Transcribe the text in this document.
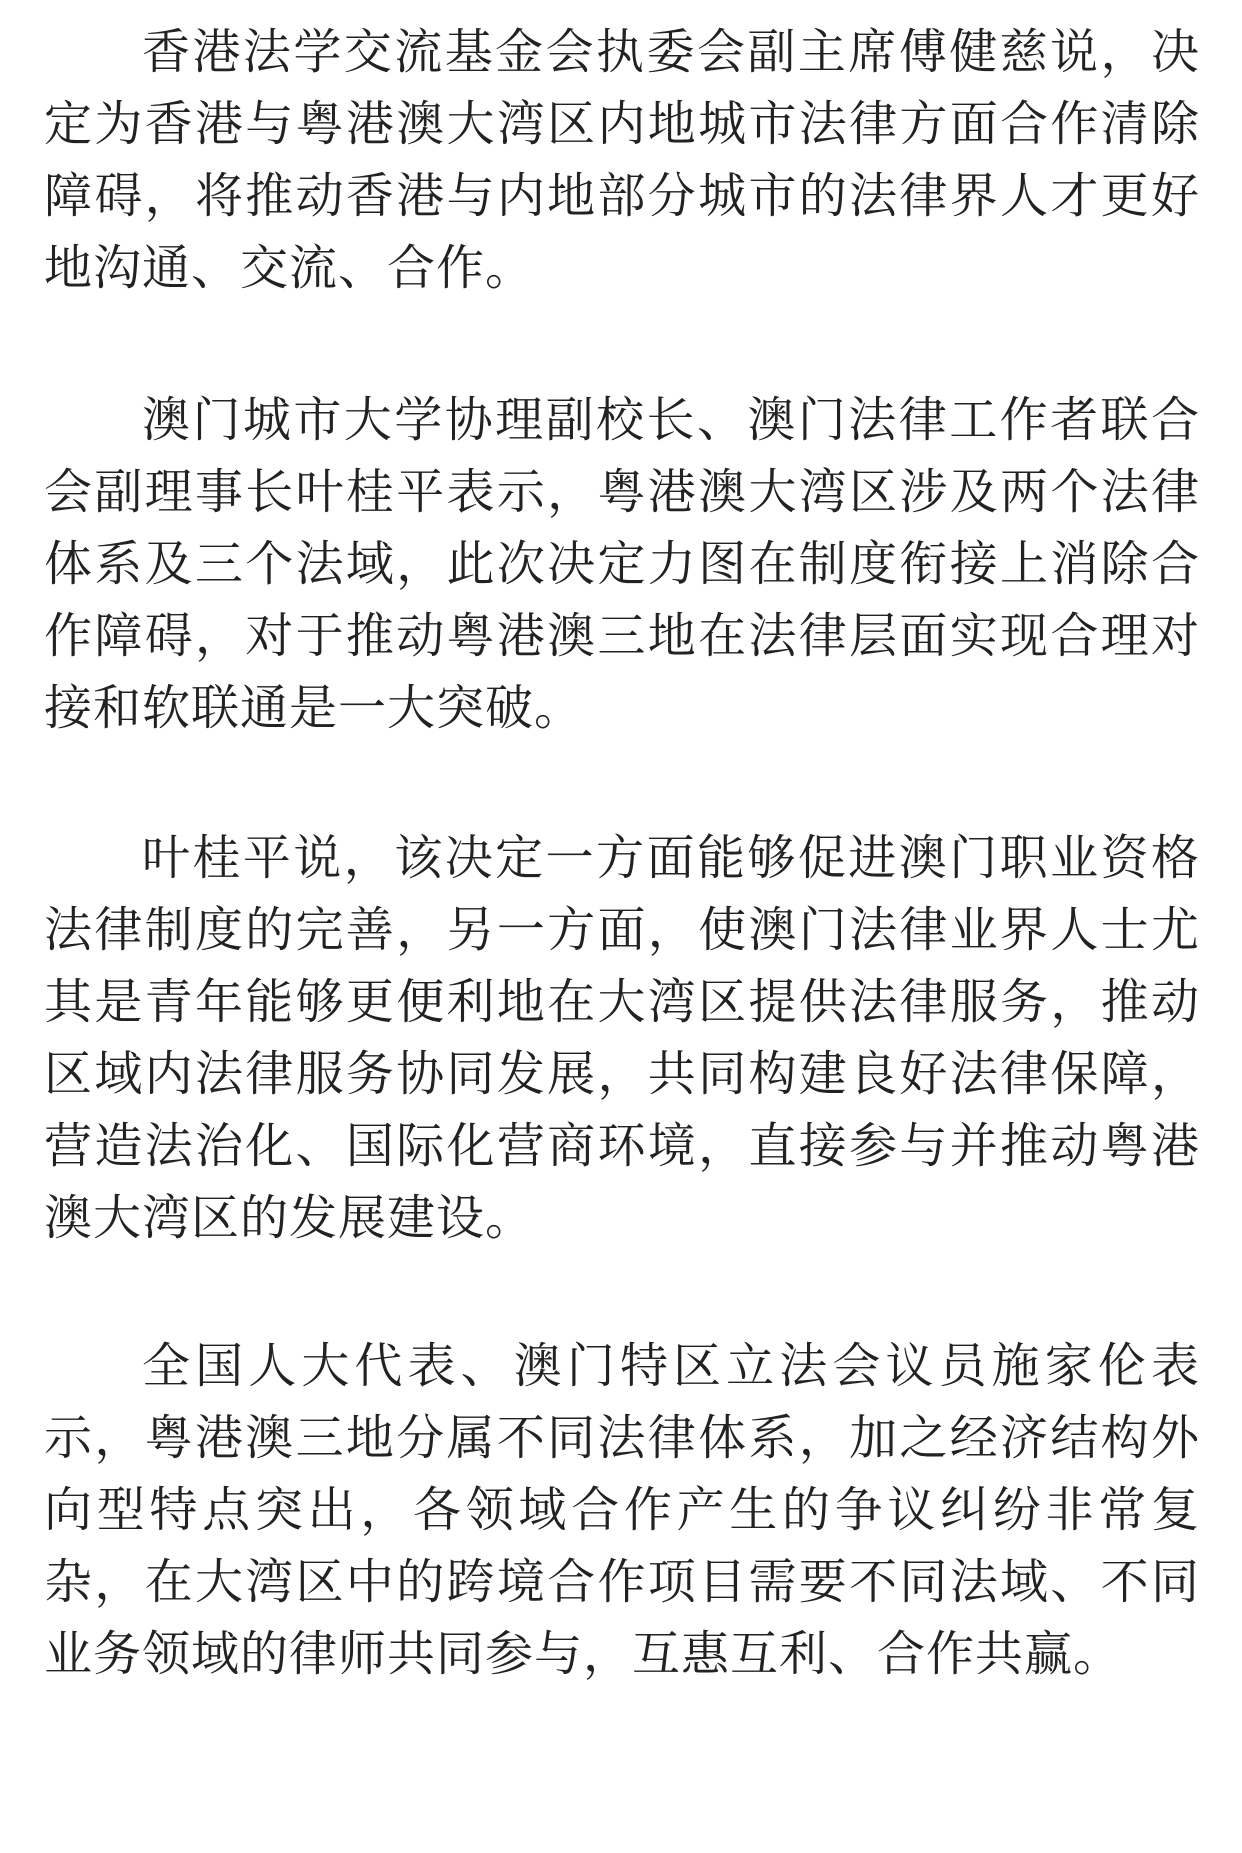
香港法学交流基金会执委会副主席傅健慈说，决定为香港与粤港澳大湾区内地城市法律方面合作清除障碍，将推动香港与内地部分城市的法律界人才更好地沟通、交流、合作。

澳门城市大学协理副校长、澳门法律工作者联合会副理事长叶桂平表示，粤港澳大湾区涉及两个法律体系及三个法域，此次决定力图在制度衔接上消除合作障碍，对于推动粤港澳三地在法律层面实现合理对接和软联通是一大突破。

叶桂平说，该决定一方面能够促进澳门职业资格法律制度的完善，另一方面，使澳门法律业界人士尤其是青年能够更便利地在大湾区提供法律服务，推动区域内法律服务协同发展，共同构建良好法律保障，营造法治化、国际化营商环境，直接参与并推动粤港澳大湾区的发展建设。

全国人大代表、澳门特区立法会议员施家伦表示，粤港澳三地分属不同法律体系，加之经济结构外向型特点突出，各领域合作产生的争议纠纷非常复杂，在大湾区中的跨境合作项目需要不同法域、不同业务领域的律师共同参与，互惠互利、合作共赢。
